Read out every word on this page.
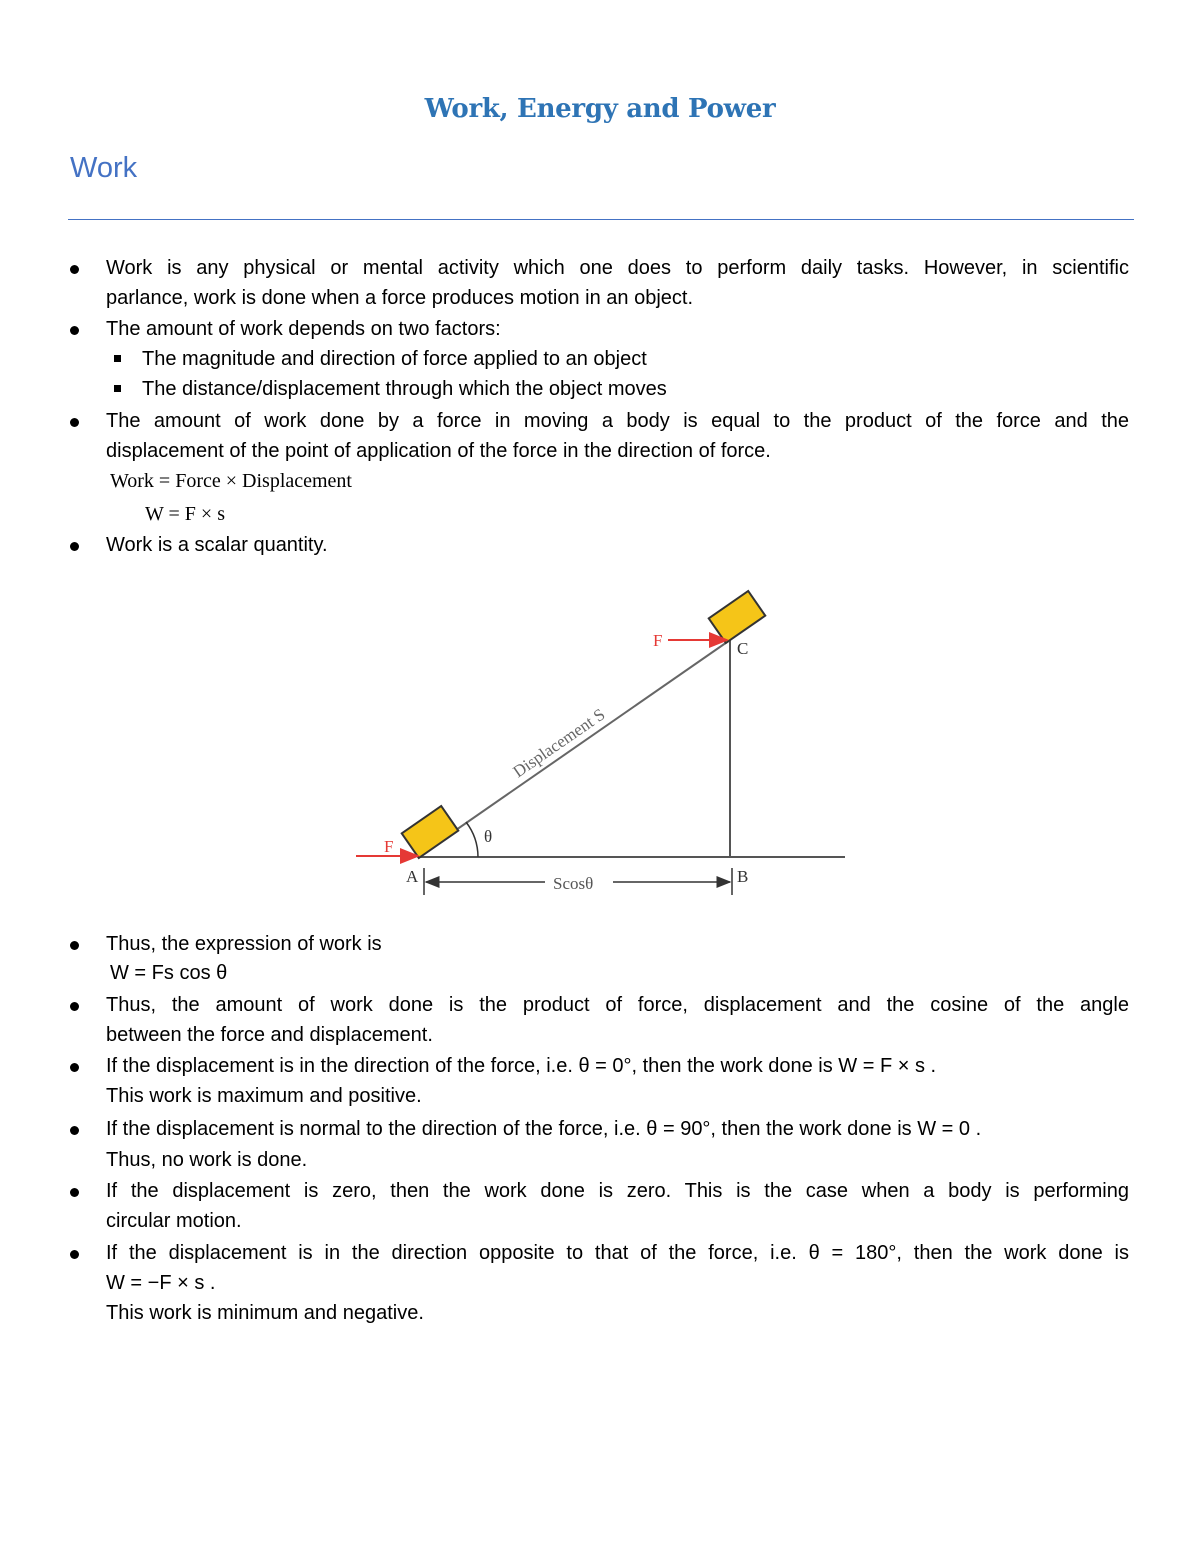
Work, Energy and Power
Work
Work is any physical or mental activity which one does to perform daily tasks. However, in scientific
parlance, work is done when a force produces motion in an object.
The amount of work depends on two factors:
The magnitude and direction of force applied to an object
The distance/displacement through which the object moves
The amount of work done by a force in moving a body is equal to the product of the force and the
displacement of the point of application of the force in the direction of force.
Work = Force × Displacement
W = F × s
Work is a scalar quantity.
F
F
A	B
C
θ
Scosθ
Displacement S
Thus, the expression of work is
W = Fs cos θ
Thus, the amount of work done is the product of force, displacement and the cosine of the angle
between the force and displacement.
If the displacement is in the direction of the force, i.e. θ = 0°, then the work done is W = F × s .
This work is maximum and positive.
If the displacement is normal to the direction of the force, i.e. θ = 90°, then the work done is W = 0 .
Thus, no work is done.
If the displacement is zero, then the work done is zero. This is the case when a body is performing
circular motion.
If the displacement is in the direction opposite to that of the force, i.e. θ = 180°, then the work done is
W = −F × s .
This work is minimum and negative.
